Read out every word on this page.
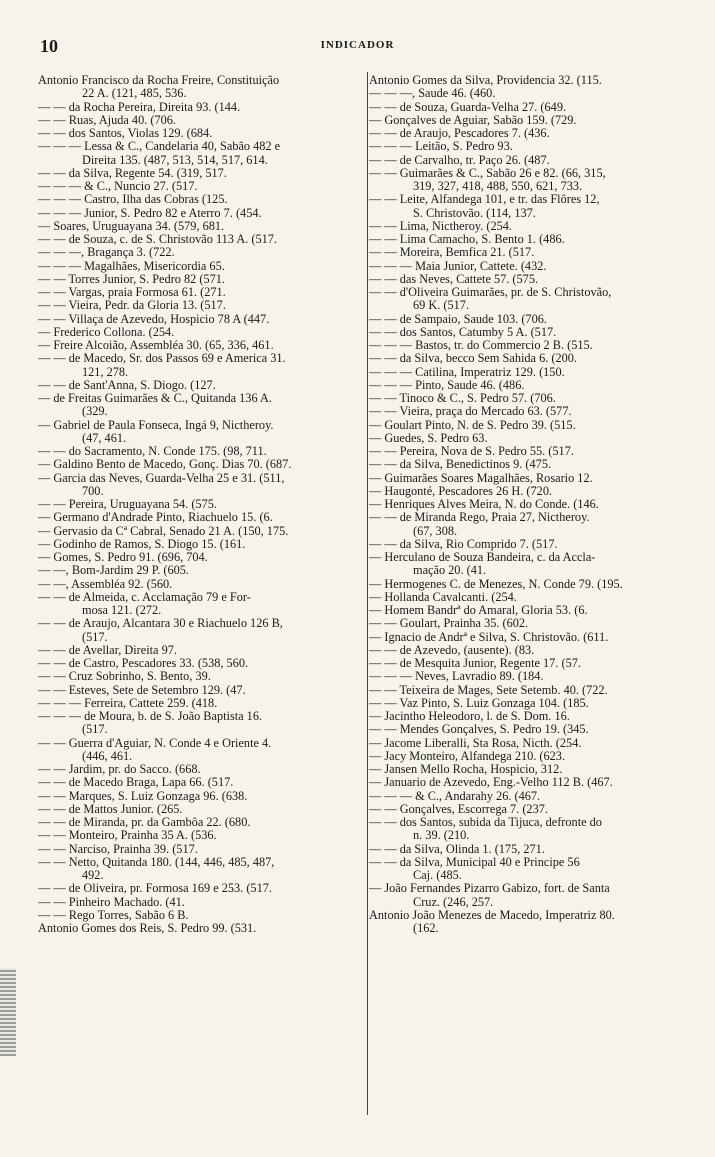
10	INDICADOR
Antonio Francisco da Rocha Freire, Constituição
22 A. (121, 485, 536.
— — da Rocha Pereira, Direita 93. (144.
— — Ruas, Ajuda 40. (706.
— — dos Santos, Violas 129. (684.
— — — Lessa & C., Candelaria 40, Sabão 482 e
Direita 135. (487, 513, 514, 517, 614.
— — da Silva, Regente 54. (319, 517.
— — — & C., Nuncio 27. (517.
— — — Castro, Ilha das Cobras (125.
— — — Junior, S. Pedro 82 e Aterro 7. (454.
— Soares, Uruguayana 34. (579, 681.
— — de Souza, c. de S. Christovão 113 A. (517.
— — —, Bragança 3. (722.
— — — Magalhães, Misericordia 65.
— — Torres Junior, S. Pedro 82 (571.
— — Vargas, praia Formosa 61. (271.
— — Vieira, Pedr. da Gloria 13. (517.
— — Villaça de Azevedo, Hospicio 78 A (447.
— Frederico Collona. (254.
— Freire Alcoião, Assembléa 30. (65, 336, 461.
— — de Macedo, Sr. dos Passos 69 e America 31.
121, 278.
— — de Sant'Anna, S. Diogo. (127.
— de Freitas Guimarães & C., Quitanda 136 A.
(329.
— Gabriel de Paula Fonseca, Ingá 9, Nictheroy.
(47, 461.
— — do Sacramento, N. Conde 175. (98, 711.
— Galdino Bento de Macedo, Gonç. Dias 70. (687.
— Garcia das Neves, Guarda-Velha 25 e 31. (511,
700.
— — Pereira, Uruguayana 54. (575.
— Germano d'Andrade Pinto, Riachuelo 15. (6.
— Gervasio da Cª Cabral, Senado 21 A. (150, 175.
— Godinho de Ramos, S. Diogo 15. (161.
— Gomes, S. Pedro 91. (696, 704.
— —, Bom-Jardim 29 P. (605.
— —, Assembléa 92. (560.
— — de Almeida, c. Acclamação 79 e For-
mosa 121. (272.
— — de Araujo, Alcantara 30 e Riachuelo 126 B,
(517.
— — de Avellar, Direita 97.
— — de Castro, Pescadores 33. (538, 560.
— — Cruz Sobrinho, S. Bento, 39.
— — Esteves, Sete de Setembro 129. (47.
— — — Ferreira, Cattete 259. (418.
— — — de Moura, b. de S. João Baptista 16.
(517.
— — Guerra d'Aguiar, N. Conde 4 e Oriente 4.
(446, 461.
— — Jardim, pr. do Sacco. (668.
— — de Macedo Braga, Lapa 66. (517.
— — Marques, S. Luiz Gonzaga 96. (638.
— — de Mattos Junior. (265.
— — de Miranda, pr. da Gambôa 22. (680.
— — Monteiro, Prainha 35 A. (536.
— — Narciso, Prainha 39. (517.
— — Netto, Quitanda 180. (144, 446, 485, 487,
492.
— — de Oliveira, pr. Formosa 169 e 253. (517.
— — Pinheiro Machado. (41.
— — Rego Torres, Sabão 6 B.
Antonio Gomes dos Reis, S. Pedro 99. (531.
Antonio Gomes da Silva, Providencia 32. (115.
— — —, Saude 46. (460.
— — de Souza, Guarda-Velha 27. (649.
— Gonçalves de Aguiar, Sabão 159. (729.
— — de Araujo, Pescadores 7. (436.
— — — Leitão, S. Pedro 93.
— — de Carvalho, tr. Paço 26. (487.
— — Guimarães & C., Sabão 26 e 82. (66, 315,
319, 327, 418, 488, 550, 621, 733.
— — Leite, Alfandega 101, e tr. das Flôres 12,
S. Christovão. (114, 137.
— — Lima, Nictheroy. (254.
— — Lima Camacho, S. Bento 1. (486.
— — Moreira, Bemfica 21. (517.
— — — Maia Junior, Cattete. (432.
— — das Neves, Cattete 57. (575.
— — d'Oliveira Guimarães, pr. de S. Christovão,
69 K. (517.
— — de Sampaio, Saude 103. (706.
— — dos Santos, Catumby 5 A. (517.
— — — Bastos, tr. do Commercio 2 B. (515.
— — da Silva, becco Sem Sahida 6. (200.
— — — Catilina, Imperatriz 129. (150.
— — — Pinto, Saude 46. (486.
— — Tinoco & C., S. Pedro 57. (706.
— — Vieira, praça do Mercado 63. (577.
— Goulart Pinto, N. de S. Pedro 39. (515.
— Guedes, S. Pedro 63.
— — Pereira, Nova de S. Pedro 55. (517.
— — da Silva, Benedictinos 9. (475.
— Guimarães Soares Magalhães, Rosario 12.
— Haugonté, Pescadores 26 H. (720.
— Henriques Alves Meira, N. do Conde. (146.
— — de Miranda Rego, Praia 27, Nictheroy.
(67, 308.
— — da Silva, Rio Comprido 7. (517.
— Herculano de Souza Bandeira, c. da Accla-
mação 20. (41.
— Hermogenes C. de Menezes, N. Conde 79. (195.
— Hollanda Cavalcanti. (254.
— Homem Bandrª do Amaral, Gloria 53. (6.
— — Goulart, Prainha 35. (602.
— Ignacio de Andrª e Silva, S. Christovão. (611.
— — de Azevedo, (ausente). (83.
— — de Mesquita Junior, Regente 17. (57.
— — — Neves, Lavradio 89. (184.
— — Teixeira de Mages, Sete Setemb. 40. (722.
— — Vaz Pinto, S. Luiz Gonzaga 104. (185.
— Jacintho Heleodoro, l. de S. Dom. 16.
— — Mendes Gonçalves, S. Pedro 19. (345.
— Jacome Liberalli, Sta Rosa, Nicth. (254.
— Jacy Monteiro, Alfandega 210. (623.
— Jansen Mello Rocha, Hospicio, 312.
— Januario de Azevedo, Eng.-Velho 112 B. (467.
— — — & C., Andarahy 26. (467.
— — Gonçalves, Escorrega 7. (237.
— — dos Santos, subida da Tijuca, defronte do
n. 39. (210.
— — da Silva, Olinda 1. (175, 271.
— — da Silva, Municipal 40 e Principe 56
Caj. (485.
— João Fernandes Pizarro Gabizo, fort. de Santa
Cruz. (246, 257.
Antonio João Menezes de Macedo, Imperatriz 80.
(162.
